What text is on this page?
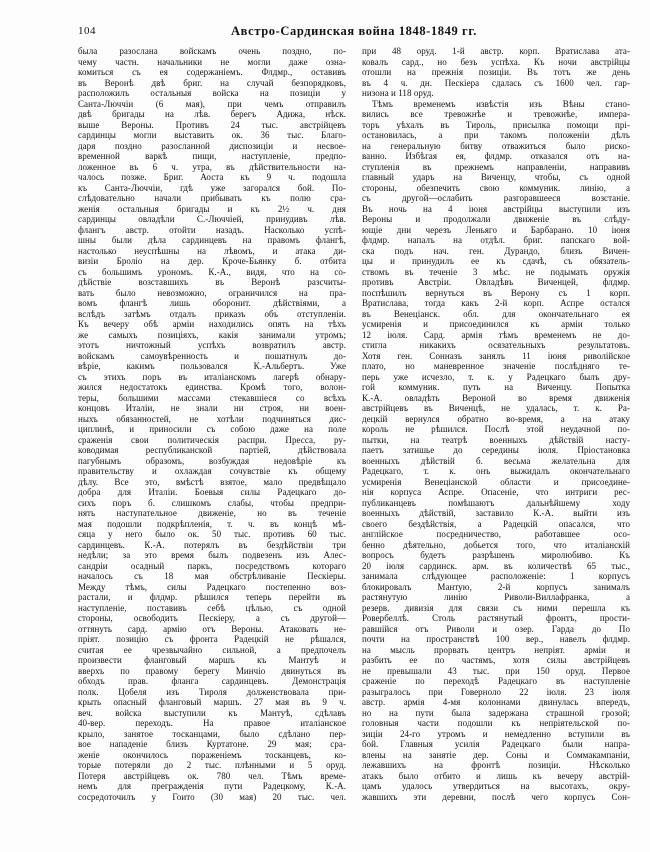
104	Австро-Сардинская война 1848-1849 гг.
была разослана войскамъ очень поздно, по-
чему частн. начальники не могли даже озна-
комиться съ ея содержаніемъ. Флдмр., оставивъ
въ Веронѣ двѣ бриг. на случай безпорядковъ,
расположилъ остальныя войска на позиціи у
Санта-Люччіи (6 мая), при чемъ отправилъ
двѣ бригады на лѣв. берегъ Адижа, нѣск.
выше Вероны. Противъ 24 тыс. австрійцевъ
сардинцы могли выставить ок. 36 тыс. Благо-
даря поздно разосланной диспозиціи и несвое-
временной варкѣ пищи, наступленіе, предпо-
ложенное въ 6 ч. утра, въ дѣйствительности на-
чалось позже. Бриг. Аоста къ 9 ч. подошла
къ Санта-Люччіи, гдѣ уже загорался бой. По-
слѣдовательно начали прибывать къ полю сра-
женія остальныя бригады и къ 2½ ч. дня
сардинцы овладѣли С.-Люччіей, принудивъ лѣв.
флангъ австр. отойти назадъ. Насколько успѣ-
шны были дѣла сардинцевъ на правомъ флангѣ,
настолько неуспѣшны на лѣвомъ, и атака ди-
визіи Броліо на дер. Кроче-Бьянку б. отбита
съ большимъ урономъ. К.-А., видя, что на со-
дѣйствіе возставшихъ въ Веронѣ разсчиты-
вать было невозможно, ограничился на пра-
вомъ флангѣ лишь оборонит. дѣйствіями, а
вслѣдъ затѣмъ отдалъ приказъ объ отступленіи.
Къ вечеру обѣ арміи находились опять на тѣхъ
же самыхъ позиціяхъ, какія занимали утромъ;
этотъ ничтожный успѣхъ возвратилъ австр.
войскамъ самоувѣренность и пошатнулъ до-
вѣріе, какимъ пользовался К.-Альбертъ. Уже
съ этихъ поръ въ италіанскомъ лагерѣ обнару-
жился недостатокъ единства. Кромѣ того, волон-
теры, большими массами стекавшіеся со всѣхъ
концовъ Италіи, не знали ни строя, ни воен-
ныхъ обязанностей, не хотѣли подчиняться дис-
циплинѣ, и приносили съ собою даже на поле
сраженія свои политическія распри. Пресса, ру-
ководимая республиканской партіей, дѣйствовала
пагубнымъ образомъ, возбуждая недовѣріе къ
правительству и охлаждая сочувствіе къ общему
дѣлу. Все это, вмѣстѣ взятое, мало предвѣщало
добра для Италіи. Боевыя силы Радецкаго до-
сихъ поръ б. слишкомъ слабы, чтобы предпри-
нять наступательное движеніе, но въ теченіе
мая подошли подкрѣпленія, т. ч. въ концѣ мѣ-
сяца у него было ок. 50 тыс. противъ 60 тыс.
сардинцевъ. К.-А. потерялъ въ бездѣйствіи три
недѣли; за это время былъ подвезенъ изъ Алес-
сандріи осадный паркъ, посредствомъ котораго
началось съ 18 мая обстрѣливаніе Пескіеры.
Между тѣмъ, силы Радецкаго постепенно воз-
растали, и флдмр. рѣшился теперь перейти въ
наступленіе, поставивъ себѣ цѣлью, съ одной
стороны, освободить Пескіеру, а съ другой—
оттянуть сард. армію отъ Вероны. Атаковать не-
пріят. позицію съ фронта Радецкій не рѣшался,
считая ее чрезвычайно сильной, а предпочелъ
произвести фланговый маршъ къ Мантуѣ и
вверхъ по правому берегу Минчіо двинуться въ
обходъ прав. фланга сардинцевъ. Демонстрація
полк. Цобеля изъ Тироля долженствовала при-
крыть опасный фланговый маршъ. 27 мая въ 9 ч.
веч. войска выступили къ Мантуѣ, сдѣлавъ
40-вер. переходъ. На правое италіанское
крыло, занятое тосканцами, было сдѣлано пер-
вое нападеніе близъ Куртатоне. 29 мая; сра-
женіе окончилось пораженіемъ тосканцевъ, ко-
торые потеряли до 2 тыс. плѣнными и 5 оруд.
Потеря австрійцевъ ок. 780 чел. Тѣмъ време-
немъ для прегражденія пути Радецкому, К.-А.
сосредоточилъ у Гоито (30 мая) 20 тыс. чел.
при 48 оруд. 1-й австр. корп. Вратислава ата-
ковалъ сард., но безъ успѣха. Къ ночи австрійцы
отошли на прежнія позиціи. Въ тотъ же день
въ 4 ч. дн. Пескіера сдалась съ 1600 чел. гар-
низона и 118 оруд.
Тѣмъ временемъ извѣстія изъ Вѣны стано-
вились все тревожнѣе и тревожнѣе, импера-
торъ уѣхалъ въ Тироль, присылка помощи прі-
остановилась, а при такомъ положеніи дѣлъ
на генеральную битву отважиться было риско-
ванно. Избѣгая ея, флдмр. отказался отъ на-
ступленія въ прежнемъ направленіи, направивъ
главный ударъ на Виченцу, чтобы, съ одной
стороны, обезпечить свою коммуник. линію, а
съ другой—ослабить разгоравшееся возстаніе.
Въ ночь на 4 іюня австрійцы выступили изъ
Вероны и продолжали движеніе въ слѣду-
ющіе дни черезъ Леньяго и Барбарано. 10 іюня
флдмр. напалъ на отдѣл. бриг. папскаго вой-
ска подъ нач. ген. Дурандо, близъ Вичен-
цы и принудилъ ее къ сдачѣ, съ обязатель-
ствомъ въ теченіе 3 мѣс. не подымать оружія
противъ Австріи. Овладѣвъ Виченцей, флдмр.
поспѣшилъ вернуться въ Верону съ 1 корп.
Вратислава, тогда какъ 2-й корп. Аспре остался
въ Венеціанск. обл. для окончательнаго ея
усмиренія и присоединился къ арміи только
12 іюля. Сард. армія тѣмъ временемъ не до-
стигла никакихъ осязательныхъ результатовъ.
Хотя ген. Сонназъ занялъ 11 іюня риволійское
плато, но маневренное значеніе послѣдняго те-
перь уже исчезло, т. к. у Радецкаго былъ дру-
гой коммуник. путь на Виченцу. Попытка
К.-А. овладѣть Вероной во время движенія
австрійцевъ въ Виченцѣ, не удалась, т. к. Ра-
децкій вернулся обратно во-время, а на атаку
король не рѣшился. Послѣ этой неудачной по-
пытки, на театрѣ военныхъ дѣйствій насту-
паетъ затишье до середины іюля. Пріостановка
военныхъ дѣйствій б. весьма желательна для
Радецкаго, т. к. онъ выжидалъ окончательнаго
усмиренія Венеціанской области и присоедине-
нія корпуса Аспре. Опасеніе, что интриги рес-
публиканцевъ помѣшаютъ дальнѣйшему ходу
военныхъ дѣйствій, заставило К.-А. выйти изъ
своего бездѣйствія, а Радецкій опасался, что
англійское посредничество, работавшее осо-
бенно дѣятельно, добьется того, что италіанскій
вопросъ будетъ разрѣшенъ миролюбиво. Къ
20 іюля сардинск. арм. въ количествѣ 65 тыс.,
занимала слѣдующее расположеніе: 1 корпусъ
блокировалъ Мантую, 2-й корпусъ занималъ
растянутую линію Риволи-Виллафранка, а
резерв. дивизія для связи съ ними перешла къ
Ровербеллѣ. Столь растянутый фронтъ, прости-
равшійся отъ Риволи и озер. Гарда до По
почти на пространствѣ 100 вер., навелъ флдмр.
на мысль прорвать центръ непріят. арміи и
разбить ее по частямъ, хотя силы австрійцевъ
не превышали 43 тыс. при 150 оруд. Первое
сраженіе по переходѣ Радецкаго въ наступленіе
разыгралось при Говерноло 22 іюля. 23 іюля
австр. армія 4-мя колоннами двинулась впередъ,
но на пути была задержана страшной грозой;
головныя части подошли къ непріятельской по-
зиціи 24-го утромъ и немедленно вступили въ
бой. Главныя усилія Радецкаго были напра-
влены на занятіе дер. Соны и Соммакампаніи,
лежавшихъ на фронтѣ позиціи. Нѣсколько
атакъ было отбито и лишь къ вечеру австрій-
цамъ удалось утвердиться на высотахъ, окру-
жавшихъ эти деревни, послѣ чего корпусъ Сон-
